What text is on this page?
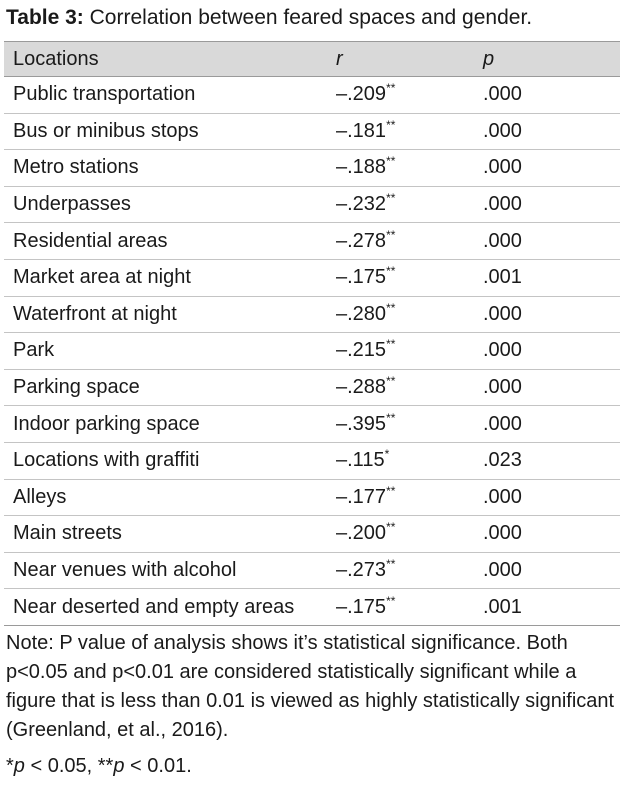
Table 3: Correlation between feared spaces and gender.
Locations	r	p
Public transportation	–.209**	.000
Bus or minibus stops	–.181**	.000
Metro stations	–.188**	.000
Underpasses	–.232**	.000
Residential areas	–.278**	.000
Market area at night	–.175**	.001
Waterfront at night	–.280**	.000
Park	–.215**	.000
Parking space	–.288**	.000
Indoor parking space	–.395**	.000
Locations with graffiti	–.115*	.023
Alleys	–.177**	.000
Main streets	–.200**	.000
Near venues with alcohol	–.273**	.000
Near deserted and empty areas	–.175**	.001
Note: P value of analysis shows it’s statistical significance. Both p<0.05 and p<0.01 are considered statistically significant while a figure that is less than 0.01 is viewed as highly statistically significant (Greenland, et al., 2016).
*p < 0.05, **p < 0.01.
